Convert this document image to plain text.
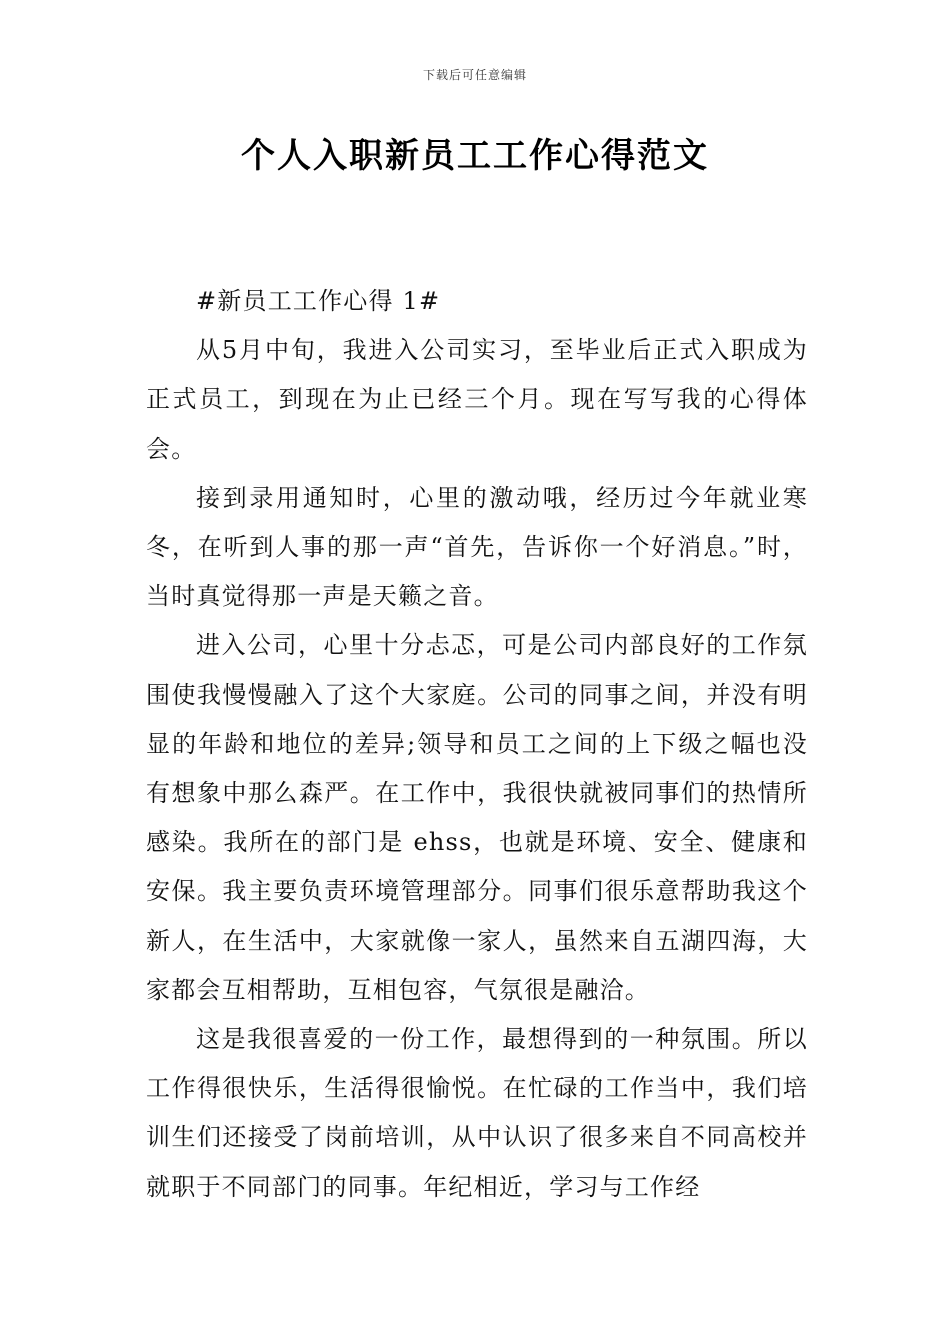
下载后可任意编辑
个人入职新员工工作心得范文

#新员工工作心得 1#

从5月中旬，我进入公司实习，至毕业后正式入职成为正式员工，到现在为止已经三个月。现在写写我的心得体会。

接到录用通知时，心里的激动哦，经历过今年就业寒冬，在听到人事的那一声“首先，告诉你一个好消息。”时，当时真觉得那一声是天籁之音。

进入公司，心里十分忐忑，可是公司内部良好的工作氛围使我慢慢融入了这个大家庭。公司的同事之间，并没有明显的年龄和地位的差异;领导和员工之间的上下级之幅也没有想象中那么森严。在工作中，我很快就被同事们的热情所感染。我所在的部门是 ehss，也就是环境、安全、健康和安保。我主要负责环境管理部分。同事们很乐意帮助我这个新人，在生活中，大家就像一家人，虽然来自五湖四海，大家都会互相帮助，互相包容，气氛很是融洽。

这是我很喜爱的一份工作，最想得到的一种氛围。所以工作得很快乐，生活得很愉悦。在忙碌的工作当中，我们培训生们还接受了岗前培训，从中认识了很多来自不同高校并就职于不同部门的同事。年纪相近，学习与工作经
